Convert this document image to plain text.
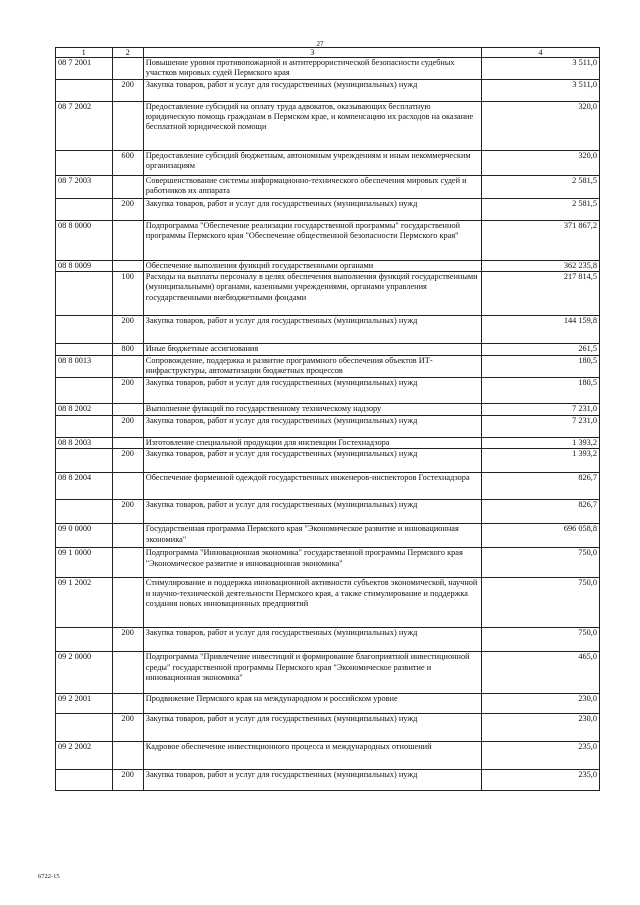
27
1	2	3	4
08 7 2001		Повышение уровня противопожарной и антитеррористической безопасности судебных участков мировых судей Пермского края	3 511,0
	200	Закупка товаров, работ и услуг для государственных (муниципальных) нужд	3 511,0
08 7 2002		Предоставление субсидий на оплату труда адвокатов, оказывающих бесплатную юридическую помощь гражданам в Пермском крае, и компенсацию их расходов на оказание бесплатной юридической помощи	320,0
	600	Предоставление субсидий бюджетным, автономным учреждениям и иным некоммерческим организациям	320,0
08 7 2003		Совершенствование системы информационно-технического обеспечения мировых судей и работников их аппарата	2 581,5
	200	Закупка товаров, работ и услуг для государственных (муниципальных) нужд	2 581,5
08 8 0000		Подпрограмма "Обеспечение реализации государственной программы" государственной программы Пермского края "Обеспечение общественной безопасности Пермского края"	371 867,2
08 8 0009		Обеспечение выполнения функций государственными органами	362 235,8
	100	Расходы на выплаты персоналу в целях обеспечения выполнения функций государственными (муниципальными) органами, казенными учреждениями, органами управления государственными внебюджетными фондами	217 814,5
	200	Закупка товаров, работ и услуг для государственных (муниципальных) нужд	144 159,8
	800	Иные бюджетные ассигнования	261,5
08 8 0013		Сопровождение, поддержка и развитие программного обеспечения объектов ИТ-инфраструктуры, автоматизации бюджетных процессов	180,5
	200	Закупка товаров, работ и услуг для государственных (муниципальных) нужд	180,5
08 8 2002		Выполнение функций по государственному техническому надзору	7 231,0
	200	Закупка товаров, работ и услуг для государственных (муниципальных) нужд	7 231,0
08 8 2003		Изготовление специальной продукции для инспекции Гостехнадзора	1 393,2
	200	Закупка товаров, работ и услуг для государственных (муниципальных) нужд	1 393,2
08 8 2004		Обеспечение форменной одеждой государственных инженеров-инспекторов Гостехнадзора	826,7
	200	Закупка товаров, работ и услуг для государственных (муниципальных) нужд	826,7
09 0 0000		Государственная программа Пермского края "Экономическое развитие и инновационная экономика"	696 058,8
09 1 0000		Подпрограмма "Инновационная экономика" государственной программы Пермского края "Экономическое развитие и инновационная экономика"	750,0
09 1 2002		Стимулирование и поддержка инновационной активности субъектов экономической, научной и научно-технической деятельности Пермского края, а также стимулирование и поддержка создания новых инновационных предприятий	750,0
	200	Закупка товаров, работ и услуг для государственных (муниципальных) нужд	750,0
09 2 0000		Подпрограмма "Привлечение инвестиций и формирование благоприятной инвестиционной среды" государственной программы Пермского края "Экономическое развитие и инновационная экономика"	465,0
09 2 2001		Продвижение Пермского края на международном и российском уровне	230,0
	200	Закупка товаров, работ и услуг для государственных (муниципальных) нужд	230,0
09 2 2002		Кадровое обеспечение инвестиционного процесса и международных отношений	235,0
	200	Закупка товаров, работ и услуг для государственных (муниципальных) нужд	235,0
6722-15
